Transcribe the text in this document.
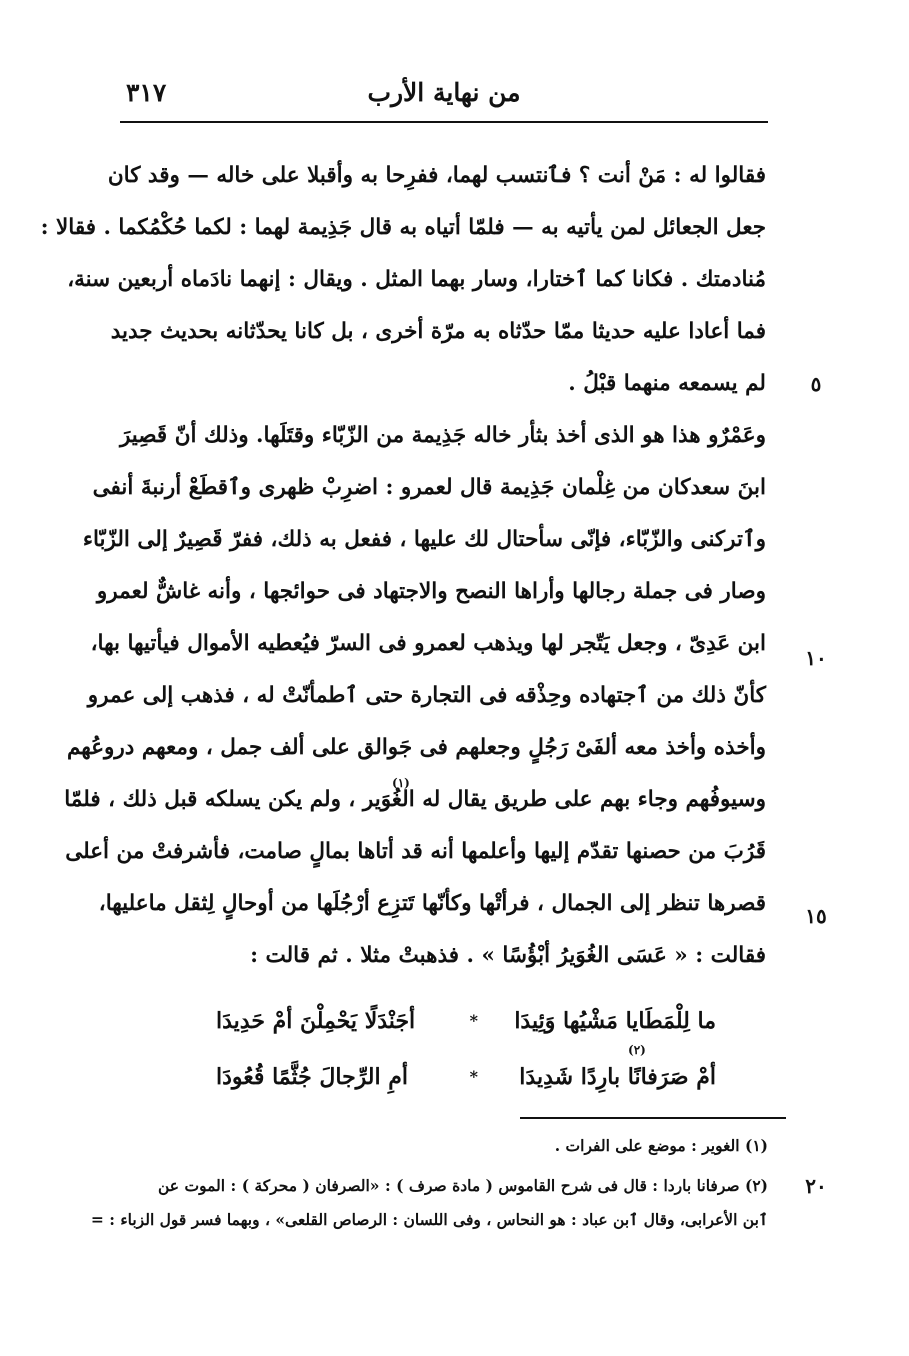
من نهاية الأرب
٣١٧
فقالوا له : مَنْ أنت ؟ فٱنتسب لهما، ففرِحا به وأقبلا على خاله — وقد كان
جعل الجعائل لمن يأتيه به — فلمّا أتياه به قال جَذِيمة لهما : لكما حُكْمُكما . فقالا :
مُنادمتك . فكانا كما ٱختارا، وسار بهما المثل . ويقال : إنهما نادَماه أربعين سنة،
فما أعادا عليه حديثا ممّا حدّثاه به مرّة أخرى ، بل كانا يحدّثانه بحديث جديد
لم يسمعه منهما قبْلُ .
وعَمْرٌو هذا هو الذى أخذ بثأر خاله جَذِيمة من الزّبّاء وقتَلَها. وذلك أنّ قَصِيرَ
ابنَ سعدكان من غِلْمان جَذِيمة قال لعمرو : اضرِبْ ظهرى وٱقطَعْ أرنبةَ أنفى
وٱتركنى والزّبّاء، فإنّى سأحتال لك عليها ، ففعل به ذلك، ففرّ قَصِيرٌ إلى الزّبّاء
وصار فى جملة رجالها وأراها النصح والاجتهاد فى حوائجها ، وأنه غاشٌّ لعمرو
ابن عَدِىّ ، وجعل يَتّجر لها ويذهب لعمرو فى السرّ فيُعطيه الأموال فيأتيها بها،
كأنّ ذلك من ٱجتهاده وحِذْقه فى التجارة حتى ٱطمأنّتْ له ، فذهب إلى عمرو
وأخذه وأخذ معه ألفَىْ رَجُلٍ وجعلهم فى جَوالق على ألف جمل ، ومعهم دروعُهم
وسيوفُهم وجاء بهم على طريق يقال له الغُوَير ، ولم يكن يسلكه قبل ذلك ، فلمّا
قَرُبَ من حصنها تقدّم إليها وأعلمها أنه قد أتاها بمالٍ صامت، فأشرفتْ من أعلى
قصرها تنظر إلى الجمال ، فرأتْها وكأنّها تَتزِع أرْجُلَها من أوحالٍ لِثقل ماعليها،
فقالت : « عَسَى الغُوَيرُ أبْؤُسًا » . فذهبتْ مثلا . ثم قالت :
(١)
(٢)
٥
١٠
١٥
ما لِلْمَطَايا مَشْيُها وَئِيدَا
*
أجَنْدَلًا يَحْمِلْنَ أمْ حَدِيدَا
أمْ صَرَفانًا بارِدًا شَدِيدَا
*
أمِ الرِّجالَ جُثَّمًا قُعُودَا
(١) الغوير : موضع على الفرات .
(٢) صرفانا باردا : قال فى شرح القاموس ( مادة صرف ) : «الصرفان ( محركة ) : الموت عن
ٱبن الأعرابى، وقال ٱبن عباد : هو النحاس ، وفى اللسان : الرصاص القلعى» ، وبهما فسر قول الزباء : =
٢٠
